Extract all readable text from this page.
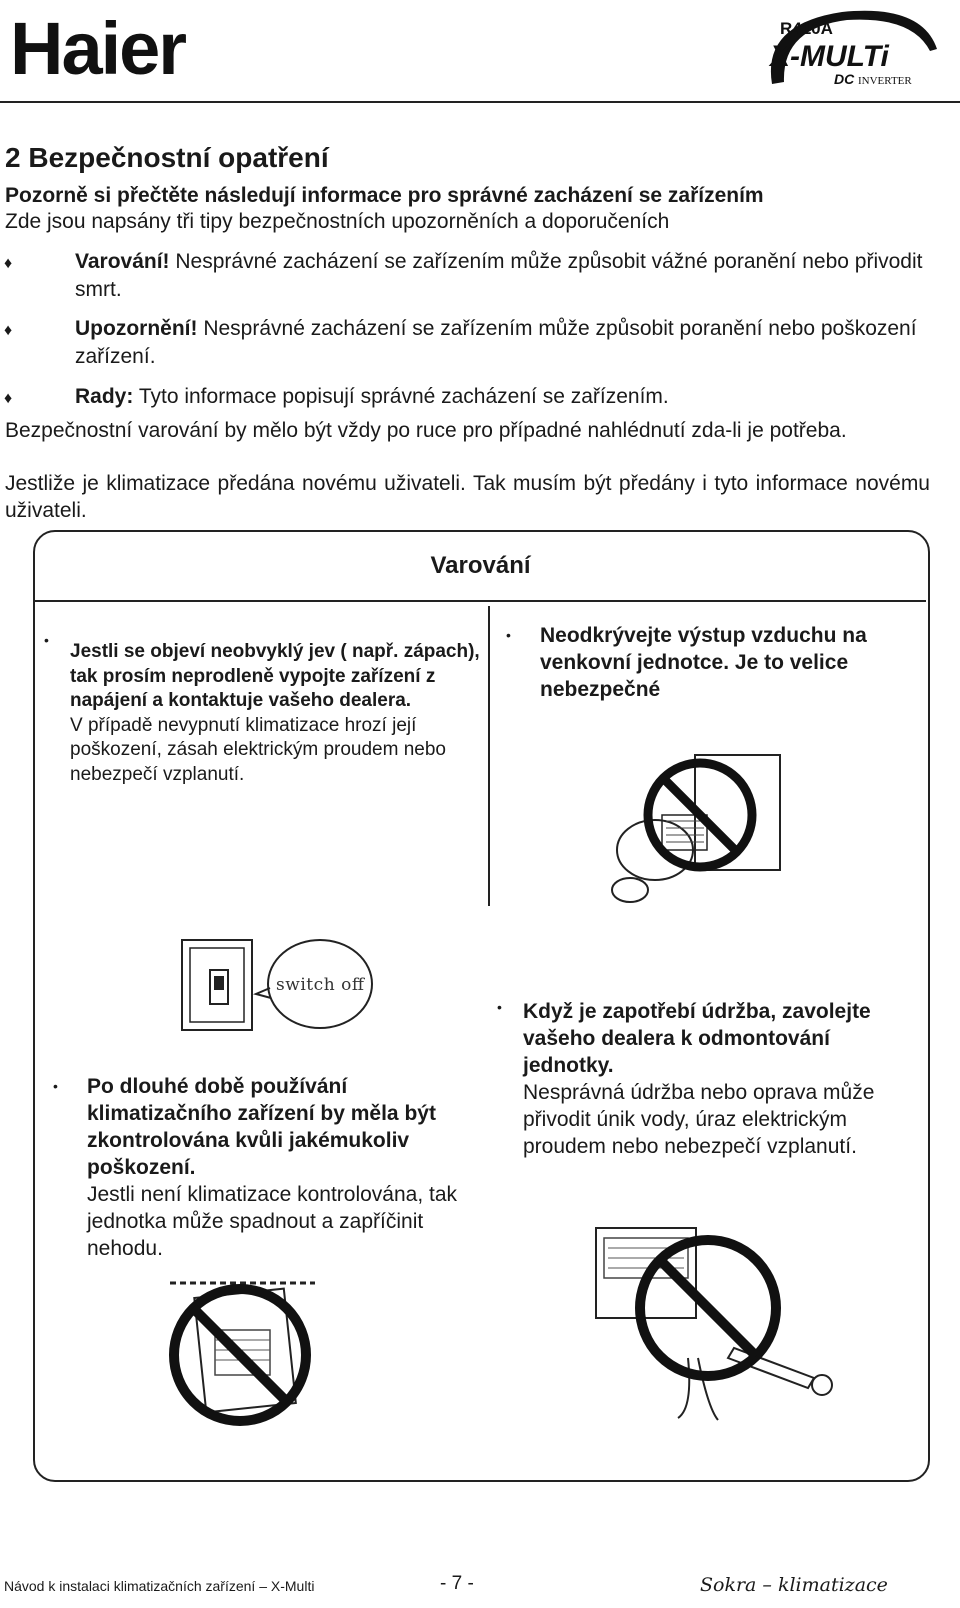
Haier	R410A
X-MULTi
DC INVERTER
2 Bezpečnostní opatření
Pozorně si přečtěte následují informace pro správné zacházení se zařízením
Zde jsou napsány tři tipy bezpečnostních upozorněních a doporučeních
♦	Varování! Nesprávné zacházení se zařízením může způsobit vážné poranění nebo přivodit smrt.
♦	Upozornění! Nesprávné zacházení se zařízením může způsobit poranění nebo poškození zařízení.
♦	Rady: Tyto informace popisují správné zacházení se zařízením.
Bezpečnostní varování by mělo být vždy po ruce pro případné nahlédnutí zda-li je potřeba.
Jestliže je klimatizace předána novému uživateli. Tak musím být předány i tyto informace novému uživateli.
Varování
•
Jestli se objeví neobvyklý jev ( např. zápach), tak prosím neprodleně vypojte zařízení z napájení a kontaktuje vašeho dealera.
V případě nevypnutí klimatizace hrozí její poškození, zásah elektrickým proudem nebo nebezpečí vzplanutí.
• Neodkrývejte výstup vzduchu na venkovní jednotce. Je to velice nebezpečné
• Po dlouhé době používání klimatizačního zařízení by měla být zkontrolována kvůli jakémukoliv poškození.
Jestli není klimatizace kontrolována, tak jednotka může spadnout a zapříčinit nehodu.
• Když je zapotřebí údržba, zavolejte vašeho dealera k odmontování jednotky.
Nesprávná údržba nebo oprava může přivodit únik vody, úraz elektrickým proudem nebo nebezpečí vzplanutí.
switch off
Návod k instalaci klimatizačních zařízení – X-Multi	- 7 -	Sokra – klimatizace
